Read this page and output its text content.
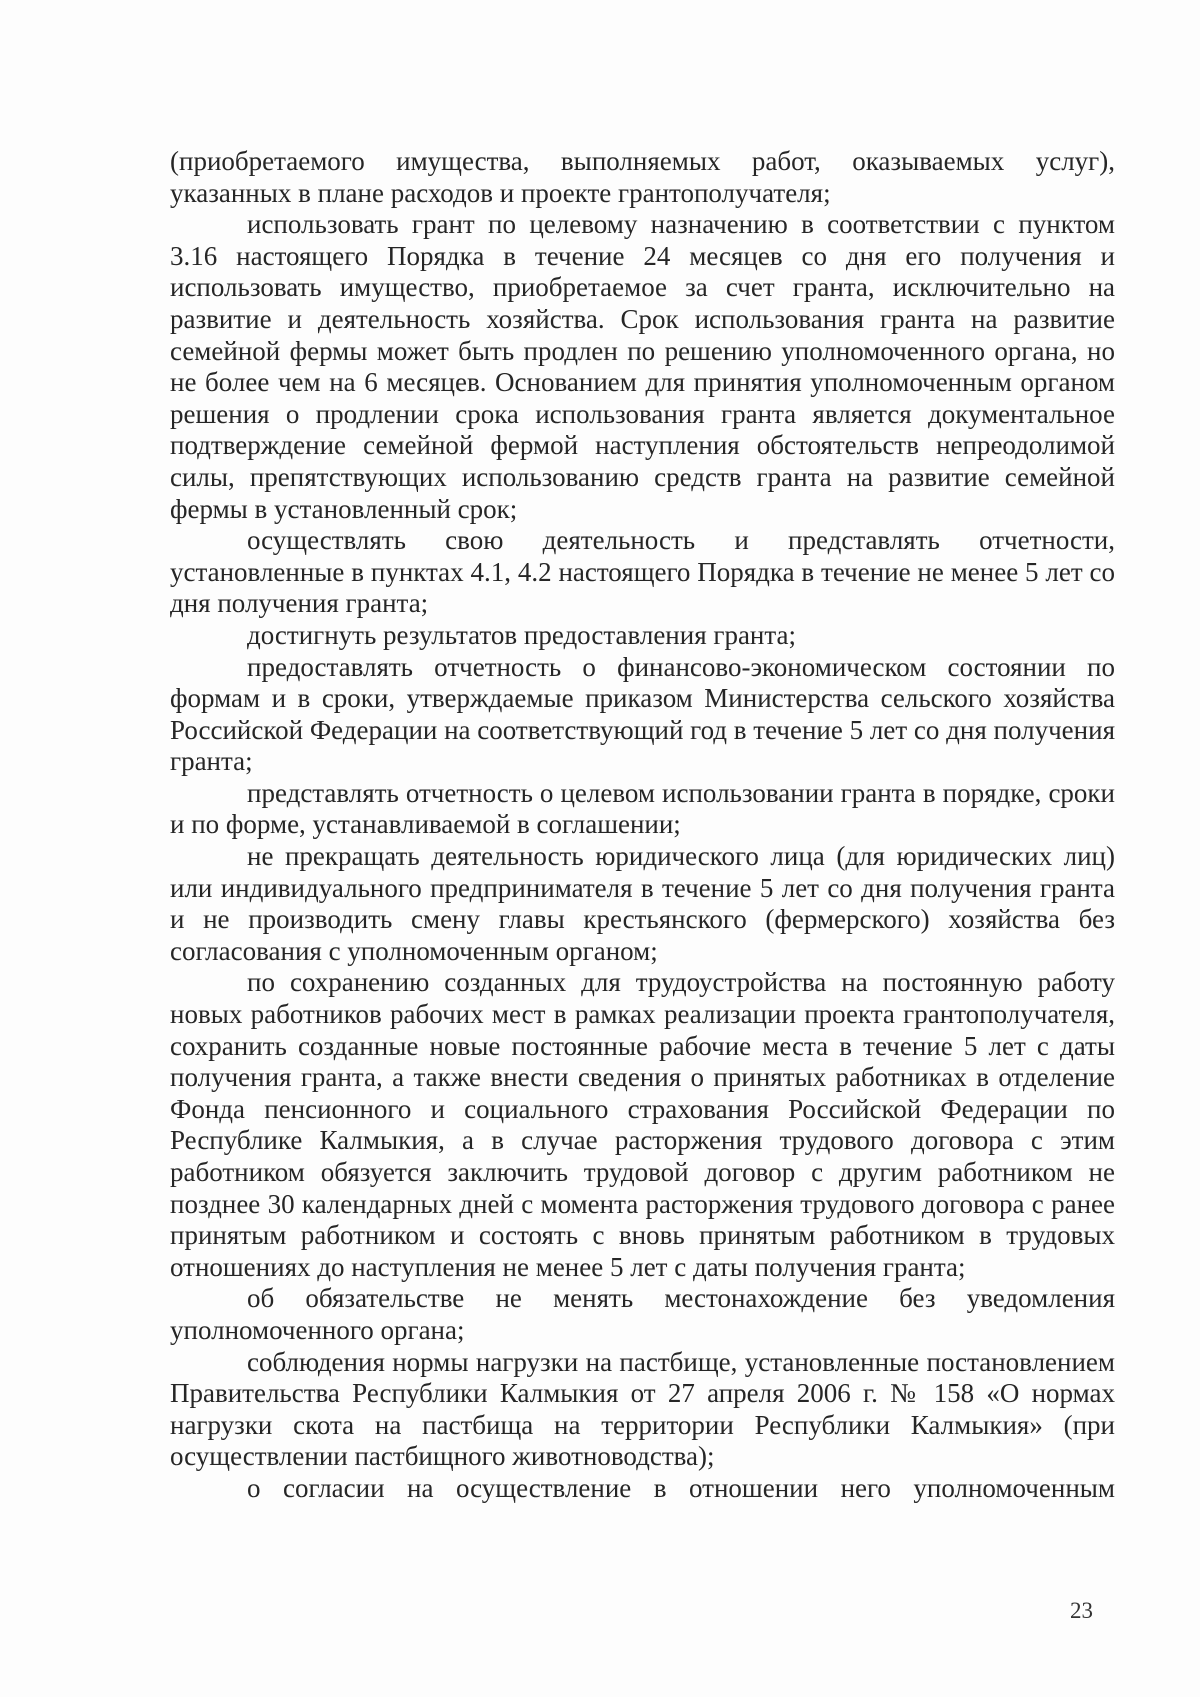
(приобретаемого имущества, выполняемых работ, оказываемых услуг), указанных в плане расходов и проекте грантополучателя;

использовать грант по целевому назначению в соответствии с пунктом 3.16 настоящего Порядка в течение 24 месяцев со дня его получения и использовать имущество, приобретаемое за счет гранта, исключительно на развитие и деятельность хозяйства. Срок использования гранта на развитие семейной фермы может быть продлен по решению уполномоченного органа, но не более чем на 6 месяцев. Основанием для принятия уполномоченным органом решения о продлении срока использования гранта является документальное подтверждение семейной фермой наступления обстоятельств непреодолимой силы, препятствующих использованию средств гранта на развитие семейной фермы в установленный срок;

осуществлять свою деятельность и представлять отчетности, установленные в пунктах 4.1, 4.2 настоящего Порядка в течение не менее 5 лет со дня получения гранта;

достигнуть результатов предоставления гранта;

предоставлять отчетность о финансово-экономическом состоянии по формам и в сроки, утверждаемые приказом Министерства сельского хозяйства Российской Федерации на соответствующий год в течение 5 лет со дня получения гранта;

представлять отчетность о целевом использовании гранта в порядке, сроки и по форме, устанавливаемой в соглашении;

не прекращать деятельность юридического лица (для юридических лиц) или индивидуального предпринимателя в течение 5 лет со дня получения гранта и не производить смену главы крестьянского (фермерского) хозяйства без согласования с уполномоченным органом;

по сохранению созданных для трудоустройства на постоянную работу новых работников рабочих мест в рамках реализации проекта грантополучателя, сохранить созданные новые постоянные рабочие места в течение 5 лет с даты получения гранта, а также внести сведения о принятых работниках в отделение Фонда пенсионного и социального страхования Российской Федерации по Республике Калмыкия, а в случае расторжения трудового договора с этим работником обязуется заключить трудовой договор с другим работником не позднее 30 календарных дней с момента расторжения трудового договора с ранее принятым работником и состоять с вновь принятым работником в трудовых отношениях до наступления не менее 5 лет с даты получения гранта;

об обязательстве не менять местонахождение без уведомления уполномоченного органа;

соблюдения нормы нагрузки на пастбище, установленные постановлением Правительства Республики Калмыкия от 27 апреля 2006 г. № 158 «О нормах нагрузки скота на пастбища на территории Республики Калмыкия» (при осуществлении пастбищного животноводства);

о согласии на осуществление в отношении него уполномоченным

23
